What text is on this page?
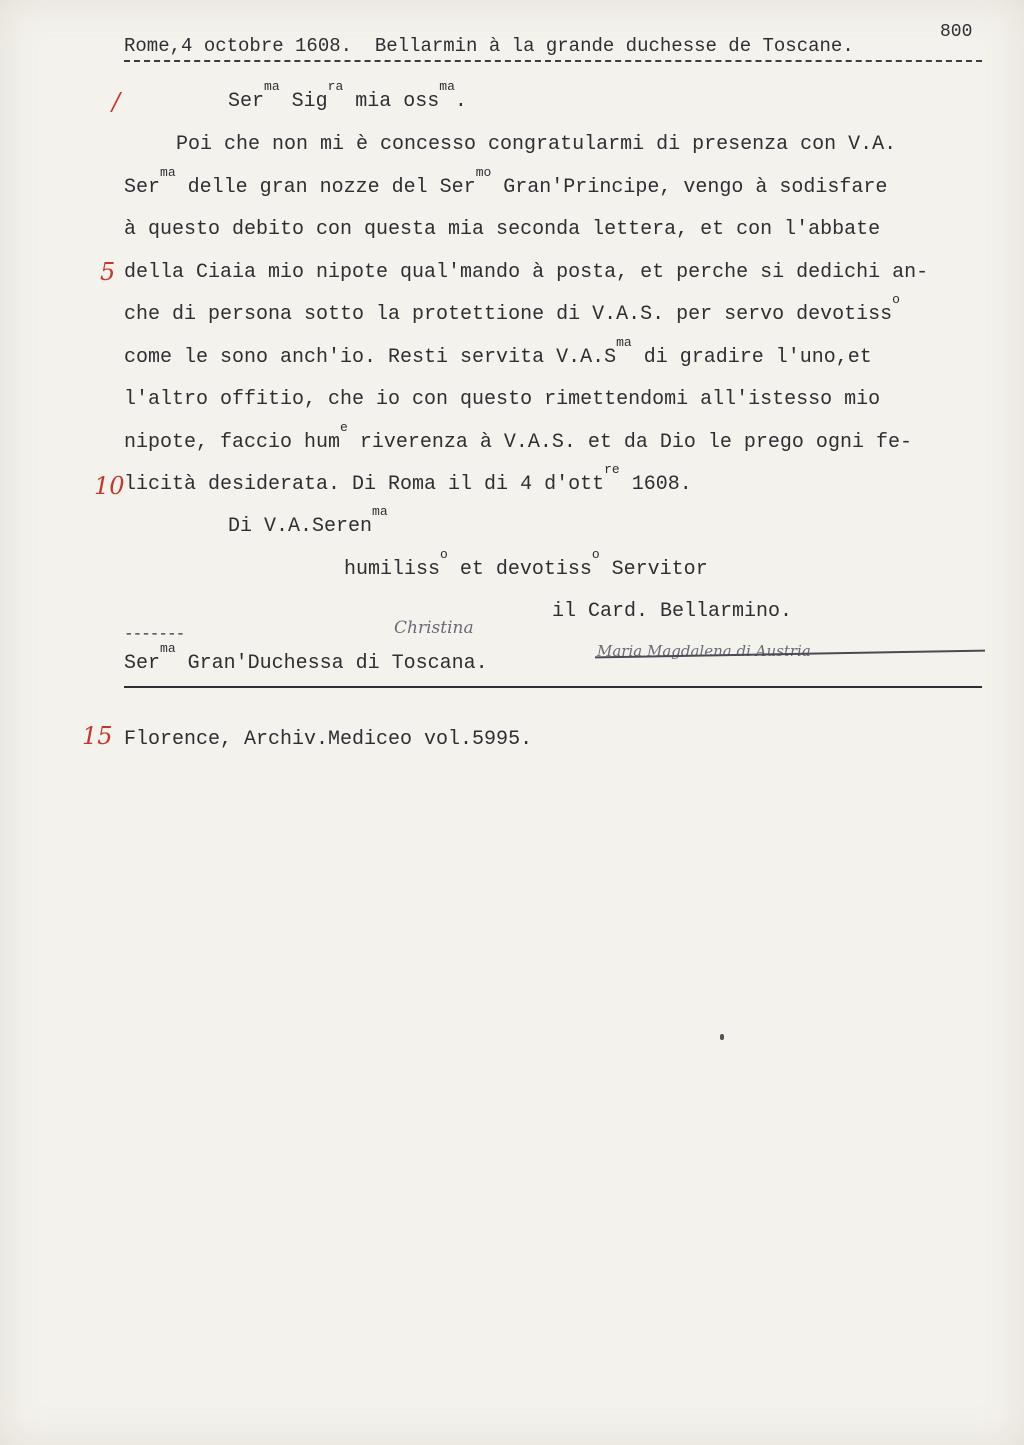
Rome,4 octobre 1608.  Bellarmin à la grande duchesse de Toscane.
800
Ser$^{ma}$ Sig$^{ra}$ mia oss$^{ma}$.
Poi che non mi è concesso congratularmi di presenza con V.A.
Ser$^{ma}$ delle gran nozze del Ser$^{mo}$ Gran'Principe, vengo à sodisfare
à questo debito con questa mia seconda lettera, et con l'abbate
della Ciaia mio nipote qual'mando à posta, et perche si dedichi an-
che di persona sotto la protettione di V.A.S. per servo devotiss$^o$
come le sono anch'io. Resti servita $V.A.S^{ma}$ di gradire l'uno,et
l'altro offitio, che io con questo rimettendomi all'istesso mio
nipote, faccio hum$^e$ riverenza à V.A.S. et da Dio le prego ogni fe-
licità desiderata. Di Roma il di 4 d'ott$^{re}$ 1608.
Di V.A.Seren$^{ma}$
humiliss$^o$ et devotiss$^o$ Servitor
il Card. Bellarmino.
-------
Ser$^{ma}$ Gran'Duchessa di Toscana.
Christina
Maria Magdalena di Austria
Florence, Archiv.Mediceo vol.5995.
/
5
10
15
